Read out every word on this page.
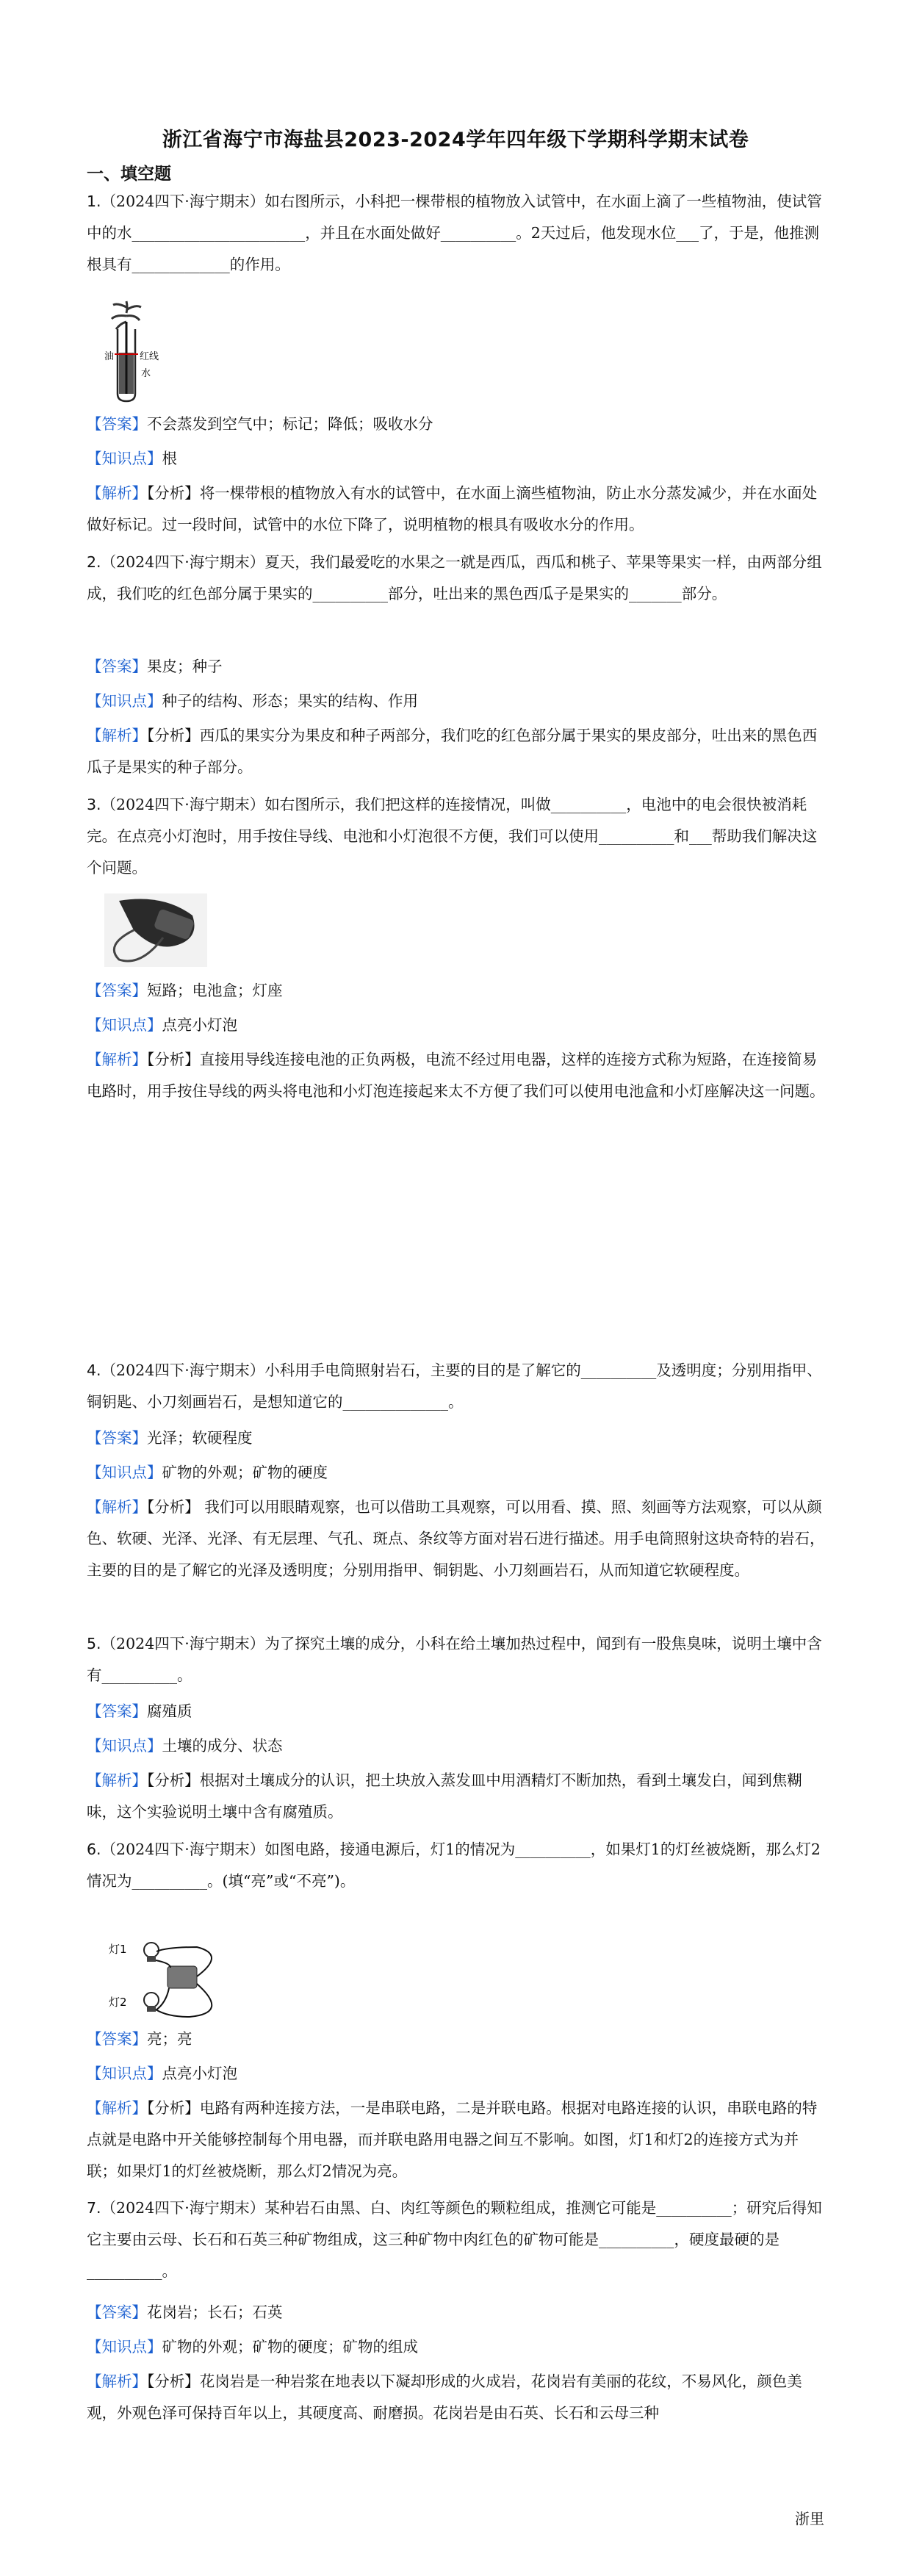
浙江省海宁市海盐县2023-2024学年四年级下学期科学期末试卷
一、填空题
1.（2024四下·海宁期末）如右图所示，小科把一棵带根的植物放入试管中，在水面上滴了一些植物油，使试管中的水_______________________，并且在水面处做好__________。2天过后，他发现水位___了，于是，他推测根具有_____________的作用。
油	红线
水
【答案】不会蒸发到空气中；标记；降低；吸收水分
【知识点】根
【解析】【分析】将一棵带根的植物放入有水的试管中，在水面上滴些植物油，防止水分蒸发减少，并在水面处做好标记。过一段时间，试管中的水位下降了，说明植物的根具有吸收水分的作用。
2.（2024四下·海宁期末）夏天，我们最爱吃的水果之一就是西瓜，西瓜和桃子、苹果等果实一样，由两部分组成，我们吃的红色部分属于果实的__________部分，吐出来的黑色西瓜子是果实的_______部分。
【答案】果皮；种子
【知识点】种子的结构、形态；果实的结构、作用
【解析】【分析】西瓜的果实分为果皮和种子两部分，我们吃的红色部分属于果实的果皮部分，吐出来的黑色西瓜子是果实的种子部分。
3.（2024四下·海宁期末）如右图所示，我们把这样的连接情况，叫做__________，电池中的电会很快被消耗完。在点亮小灯泡时，用手按住导线、电池和小灯泡很不方便，我们可以使用__________和___帮助我们解决这个问题。
【答案】短路；电池盒；灯座
【知识点】点亮小灯泡
【解析】【分析】直接用导线连接电池的正负两极，电流不经过用电器，这样的连接方式称为短路，在连接简易电路时，用手按住导线的两头将电池和小灯泡连接起来太不方便了我们可以使用电池盒和小灯座解决这一问题。
4.（2024四下·海宁期末）小科用手电筒照射岩石，主要的目的是了解它的__________及透明度；分别用指甲、铜钥匙、小刀刻画岩石，是想知道它的______________。
【答案】光泽；软硬程度
【知识点】矿物的外观；矿物的硬度
【解析】【分析】 我们可以用眼睛观察，也可以借助工具观察，可以用看、摸、照、刻画等方法观察，可以从颜色、软硬、光泽、光泽、有无层理、气孔、斑点、条纹等方面对岩石进行描述。用手电筒照射这块奇特的岩石，主要的目的是了解它的光泽及透明度；分别用指甲、铜钥匙、小刀刻画岩石，从而知道它软硬程度。
5.（2024四下·海宁期末）为了探究土壤的成分，小科在给土壤加热过程中，闻到有一股焦臭味，说明土壤中含有__________。
【答案】腐殖质
【知识点】土壤的成分、状态
【解析】【分析】根据对土壤成分的认识，把土块放入蒸发皿中用酒精灯不断加热，看到土壤发白，闻到焦糊味，这个实验说明土壤中含有腐殖质。
6.（2024四下·海宁期末）如图电路，接通电源后，灯1的情况为__________，如果灯1的灯丝被烧断，那么灯2情况为__________。(填“亮”或“不亮”)。
灯1
灯2
【答案】亮；亮
【知识点】点亮小灯泡
【解析】【分析】电路有两种连接方法，一是串联电路，二是并联电路。根据对电路连接的认识，串联电路的特点就是电路中开关能够控制每个用电器，而并联电路用电器之间互不影响。如图，灯1和灯2的连接方式为并联；如果灯1的灯丝被烧断，那么灯2情况为亮。
7.（2024四下·海宁期末）某种岩石由黑、白、肉红等颜色的颗粒组成，推测它可能是__________；研究后得知它主要由云母、长石和石英三种矿物组成，这三种矿物中肉红色的矿物可能是__________，硬度最硬的是__________。
【答案】花岗岩；长石；石英
【知识点】矿物的外观；矿物的硬度；矿物的组成
【解析】【分析】花岗岩是一种岩浆在地表以下凝却形成的火成岩，花岗岩有美丽的花纹，不易风化，颜色美观，外观色泽可保持百年以上，其硬度高、耐磨损。花岗岩是由石英、长石和云母三种
浙里
